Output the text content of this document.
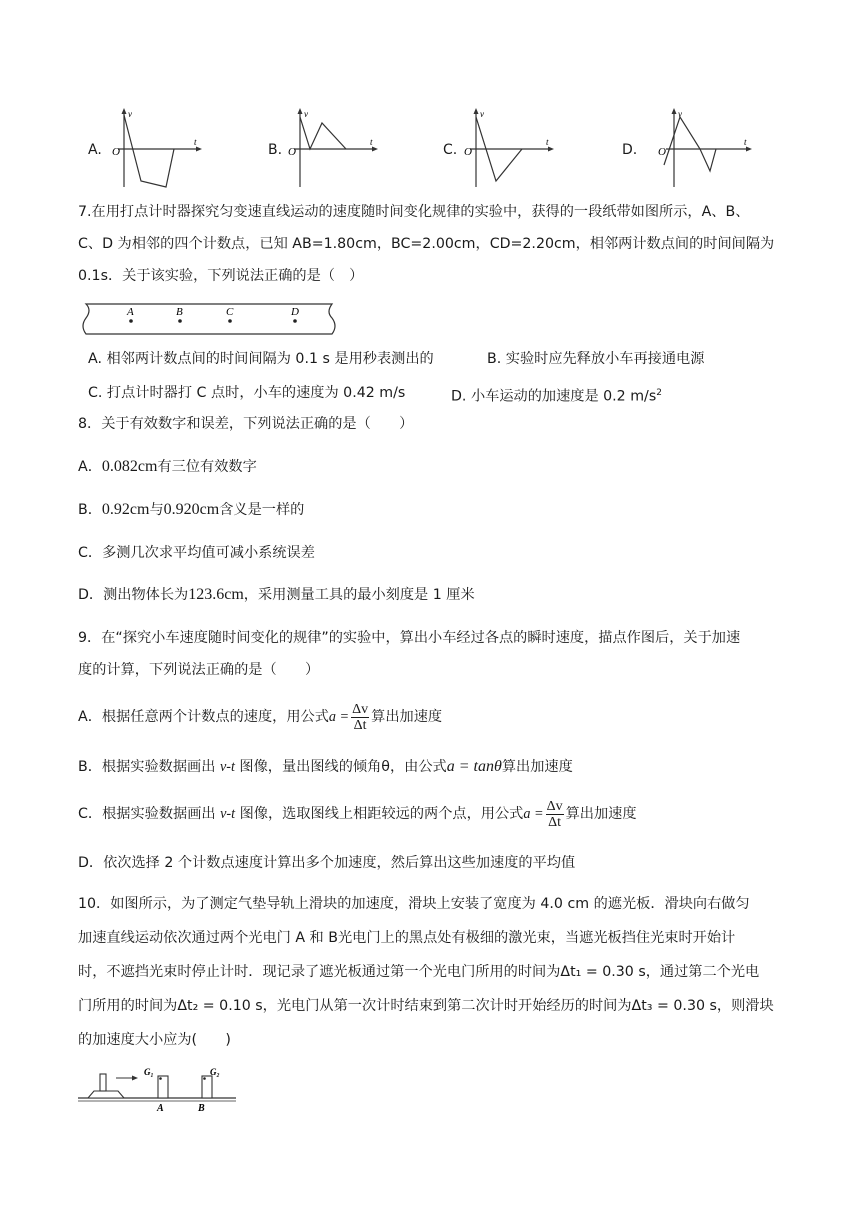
A.
v
t
O	B.
v
t
O	C.
v
t
O	D.
v
t
O
7.在用打点计时器探究匀变速直线运动的速度随时间变化规律的实验中，获得的一段纸带如图所示，A、B、
C、D 为相邻的四个计数点，已知 AB=1.80cm，BC=2.00cm，CD=2.20cm，相邻两计数点间的时间间隔为
0.1s．关于该实验，下列说法正确的是（　）
A	B	C	D
A. 相邻两计数点间的时间间隔为 0.1 s 是用秒表测出的	B. 实验时应先释放小车再接通电源
C. 打点计时器打 C 点时，小车的速度为 0.42 m/s	D. 小车运动的加速度是 0.2 $m/s^2$
8．关于有效数字和误差，下列说法正确的是（　　）
A．0.082cm有三位有效数字
B．0.92cm与0.920cm含义是一样的
C．多测几次求平均值可减小系统误差
D．测出物体长为123.6cm，采用测量工具的最小刻度是 1 厘米
9．在“探究小车速度随时间变化的规律”的实验中，算出小车经过各点的瞬时速度，描点作图后，关于加速
度的计算，下列说法正确的是（　　）
A．根据任意两个计数点的速度，用公式$a = \frac{\Delta v}{\Delta t}$ 算出加速度
B．根据实验数据画出 v-t 图像，量出图线的倾角θ，由公式a = tanθ算出加速度
C．根据实验数据画出 v-t 图像，选取图线上相距较远的两个点，用公式$a = \frac{\Delta v}{\Delta t}$ 算出加速度
D．依次选择 2 个计数点速度计算出多个加速度，然后算出这些加速度的平均值
10．如图所示，为了测定气垫导轨上滑块的加速度，滑块上安装了宽度为 4.0 cm 的遮光板．滑块向右做匀
加速直线运动依次通过两个光电门 A 和 B光电门上的黑点处有极细的激光束，当遮光板挡住光束时开始计
时，不遮挡光束时停止计时．现记录了遮光板通过第一个光电门所用的时间为Δt₁ = 0.30 s，通过第二个光电
门所用的时间为Δt₂ = 0.10 s，光电门从第一次计时结束到第二次计时开始经历的时间为Δt₃ = 0.30 s，则滑块
的加速度大小应为(　　)
G₁	G₂
A	B
